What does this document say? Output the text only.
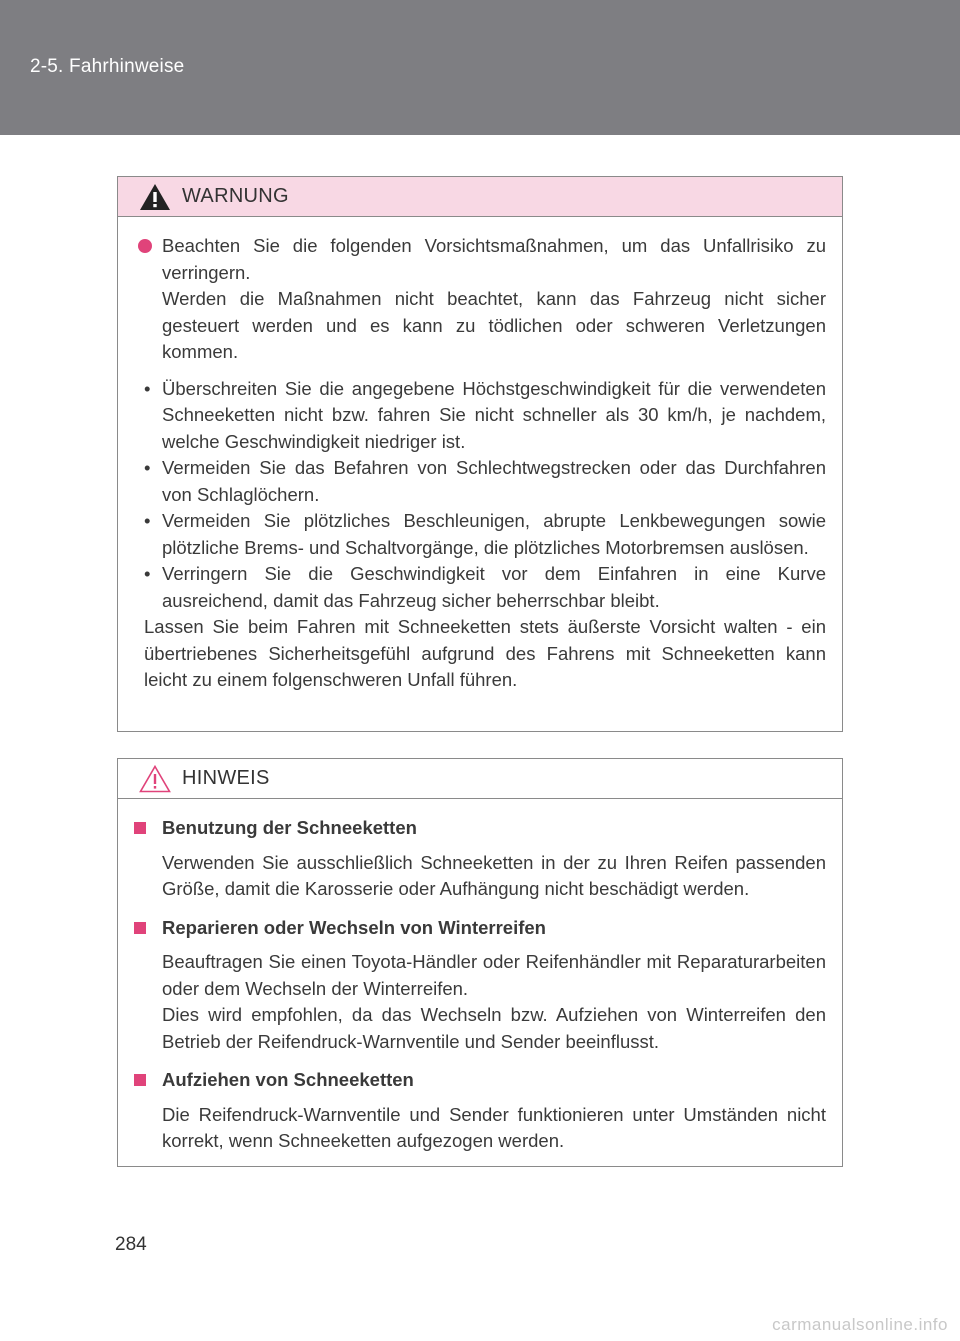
2-5. Fahrhinweise
WARNUNG
Beachten Sie die folgenden Vorsichtsmaßnahmen, um das Unfallrisiko zu verringern.
Werden die Maßnahmen nicht beachtet, kann das Fahrzeug nicht sicher gesteuert werden und es kann zu tödlichen oder schweren Verletzungen kommen.
• Überschreiten Sie die angegebene Höchstgeschwindigkeit für die verwendeten Schneeketten nicht bzw. fahren Sie nicht schneller als 30 km/h, je nachdem, welche Geschwindigkeit niedriger ist.
• Vermeiden Sie das Befahren von Schlechtwegstrecken oder das Durchfahren von Schlaglöchern.
• Vermeiden Sie plötzliches Beschleunigen, abrupte Lenkbewegungen sowie plötzliche Brems- und Schaltvorgänge, die plötzliches Motorbremsen auslösen.
• Verringern Sie die Geschwindigkeit vor dem Einfahren in eine Kurve ausreichend, damit das Fahrzeug sicher beherrschbar bleibt.

Lassen Sie beim Fahren mit Schneeketten stets äußerste Vorsicht walten - ein übertriebenes Sicherheitsgefühl aufgrund des Fahrens mit Schneeketten kann leicht zu einem folgenschweren Unfall führen.

HINWEIS
Benutzung der Schneeketten

Verwenden Sie ausschließlich Schneeketten in der zu Ihren Reifen passenden Größe, damit die Karosserie oder Aufhängung nicht beschädigt werden.

Reparieren oder Wechseln von Winterreifen

Beauftragen Sie einen Toyota-Händler oder Reifenhändler mit Reparaturarbeiten oder dem Wechseln der Winterreifen.

Dies wird empfohlen, da das Wechseln bzw. Aufziehen von Winterreifen den Betrieb der Reifendruck-Warnventile und Sender beeinflusst.

Aufziehen von Schneeketten

Die Reifendruck-Warnventile und Sender funktionieren unter Umständen nicht korrekt, wenn Schneeketten aufgezogen werden.

284
carmanualsonline.info
